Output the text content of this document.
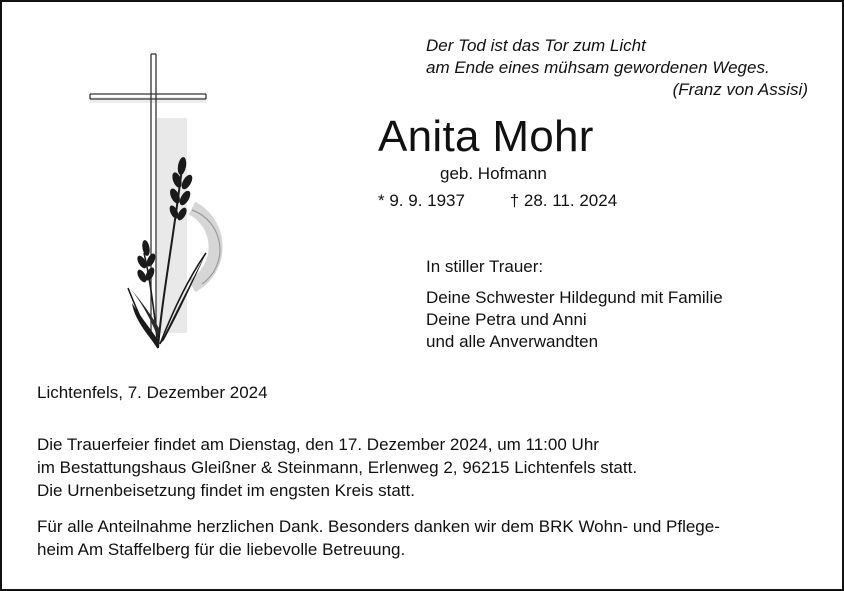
Der Tod ist das Tor zum Licht
am Ende eines mühsam gewordenen Weges.
(Franz von Assisi)
Anita Mohr
geb. Hofmann
* 9. 9. 1937	† 28. 11. 2024
In stiller Trauer:
Deine Schwester Hildegund mit Familie
Deine Petra und Anni
und alle Anverwandten
Lichtenfels, 7. Dezember 2024
Die Trauerfeier findet am Dienstag, den 17. Dezember 2024, um 11:00 Uhr
im Bestattungshaus Gleißner & Steinmann, Erlenweg 2, 96215 Lichtenfels statt.
Die Urnenbeisetzung findet im engsten Kreis statt.
Für alle Anteilnahme herzlichen Dank. Besonders danken wir dem BRK Wohn- und Pflege-
heim Am Staffelberg für die liebevolle Betreuung.
